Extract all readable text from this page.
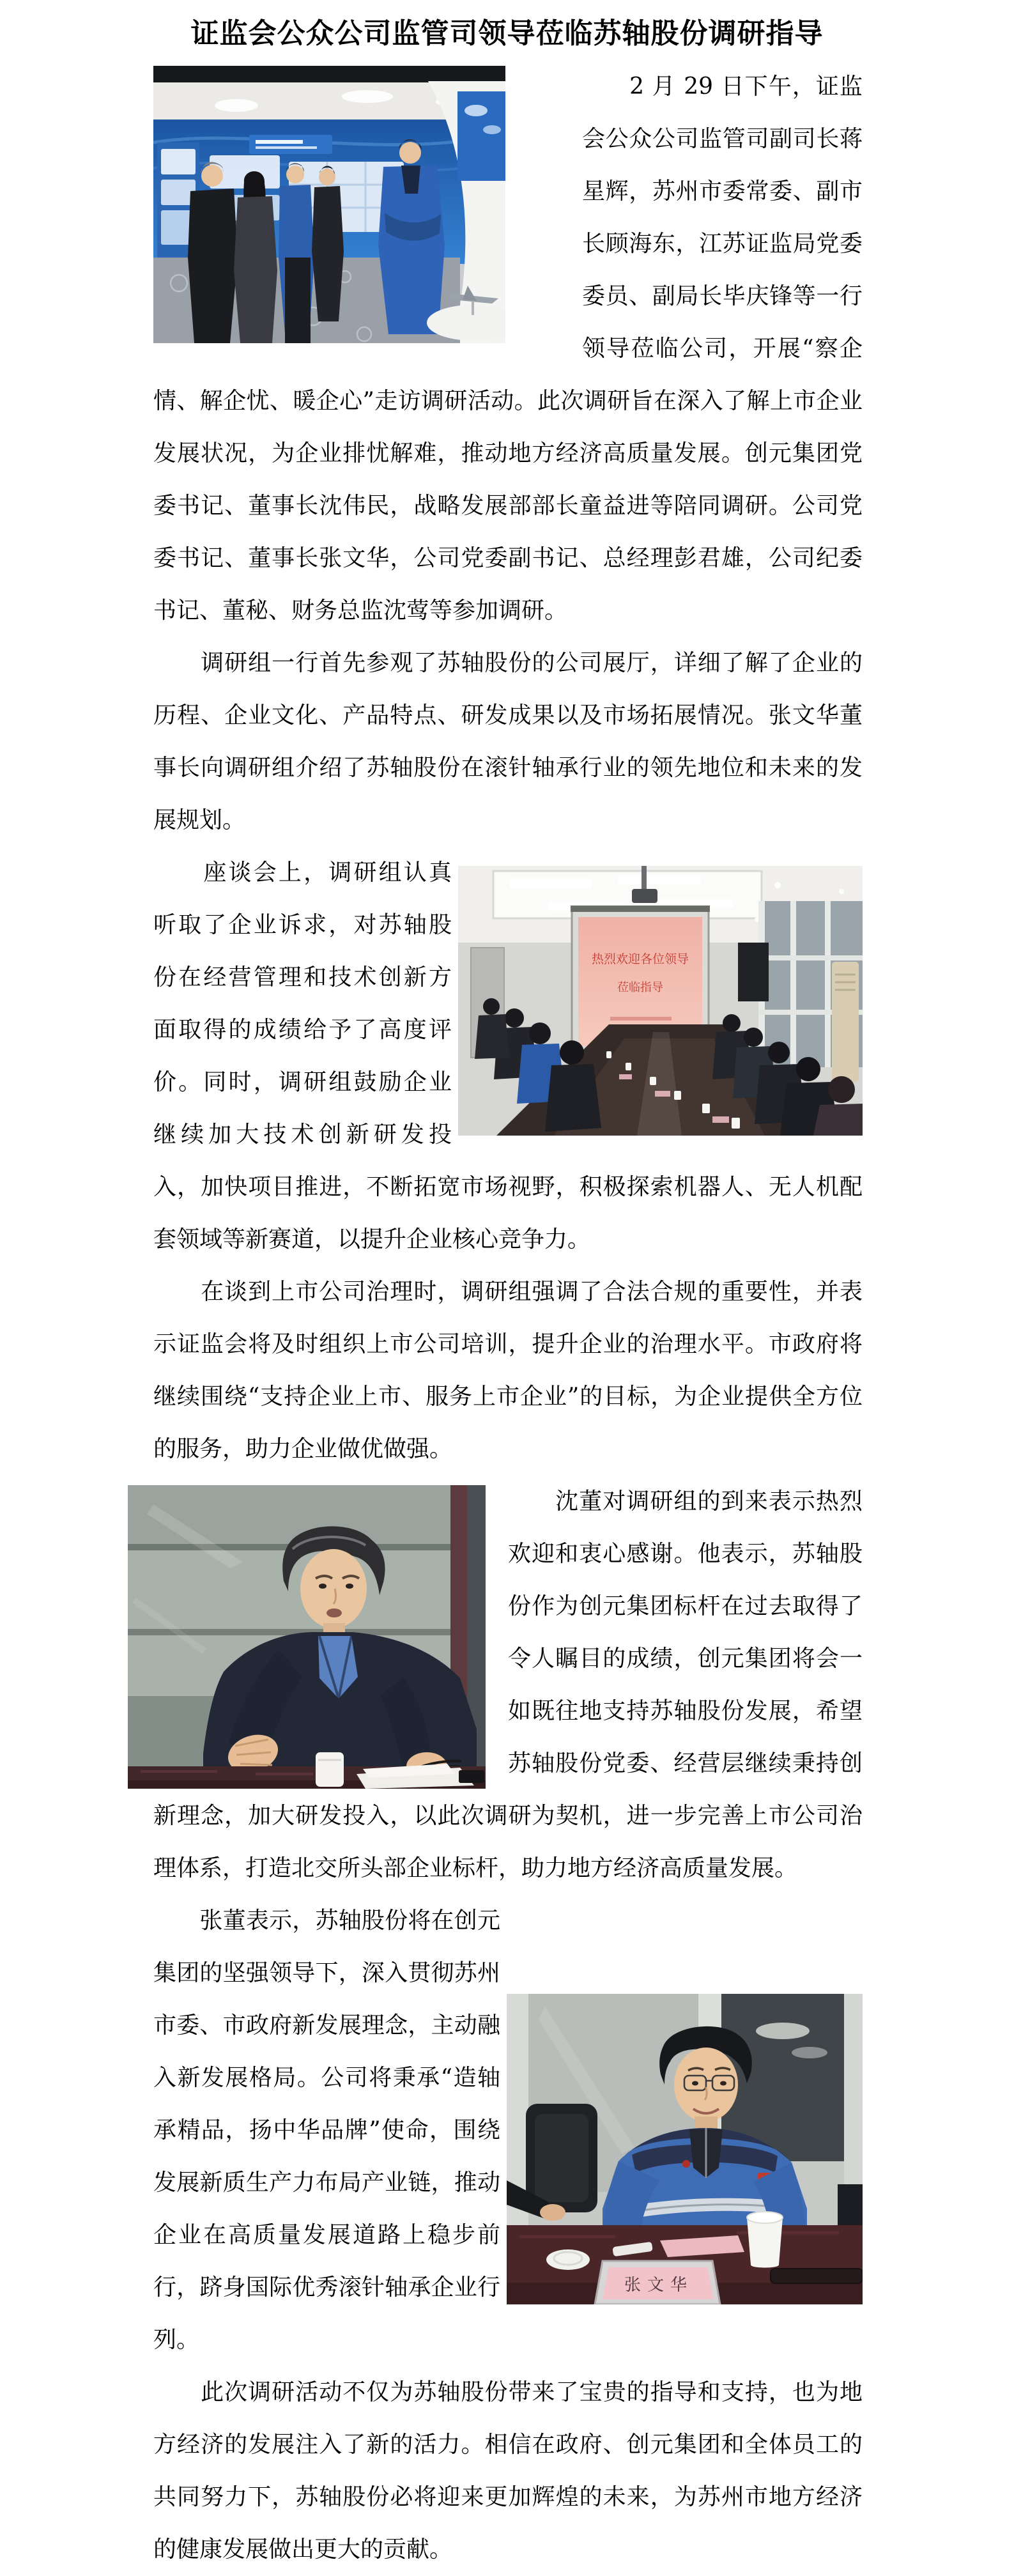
证监会公众公司监管司领导莅临苏轴股份调研指导

　　2 月 29 日下午，证监会公众公司监管司副司长蒋星辉，苏州市委常委、副市长顾海东，江苏证监局党委委员、副局长毕庆锋等一行领导莅临公司，开展“察企情、解企忧、暖企心”走访调研活动。此次调研旨在深入了解上市企业发展状况，为企业排忧解难，推动地方经济高质量发展。创元集团党委书记、董事长沈伟民，战略发展部部长童益进等陪同调研。公司党委书记、董事长张文华，公司党委副书记、总经理彭君雄，公司纪委书记、董秘、财务总监沈莺等参加调研。

　　调研组一行首先参观了苏轴股份的公司展厅，详细了解了企业的历程、企业文化、产品特点、研发成果以及市场拓展情况。张文华董事长向调研组介绍了苏轴股份在滚针轴承行业的领先地位和未来的发展规划。

热烈欢迎各位领导
莅临指导
　　座谈会上，调研组认真听取了企业诉求，对苏轴股份在经营管理和技术创新方面取得的成绩给予了高度评价。同时，调研组鼓励企业继续加大技术创新研发投入，加快项目推进，不断拓宽市场视野，积极探索机器人、无人机配套领域等新赛道，以提升企业核心竞争力。

　　在谈到上市公司治理时，调研组强调了合法合规的重要性，并表示证监会将及时组织上市公司培训，提升企业的治理水平。市政府将继续围绕“支持企业上市、服务上市企业”的目标，为企业提供全方位的服务，助力企业做优做强。

　　沈董对调研组的到来表示热烈欢迎和衷心感谢。他表示，苏轴股份作为创元集团标杆在过去取得了令人瞩目的成绩，创元集团将会一如既往地支持苏轴股份发展，希望苏轴股份党委、经营层继续秉持创新理念，加大研发投入，以此次调研为契机，进一步完善上市公司治理体系，打造北交所头部企业标杆，助力地方经济高质量发展。

张文华
　　张董表示，苏轴股份将在创元集团的坚强领导下，深入贯彻苏州市委、市政府新发展理念，主动融入新发展格局。公司将秉承“造轴承精品，扬中华品牌”使命，围绕发展新质生产力布局产业链，推动企业在高质量发展道路上稳步前行，跻身国际优秀滚针轴承企业行列。

　　此次调研活动不仅为苏轴股份带来了宝贵的指导和支持，也为地方经济的发展注入了新的活力。相信在政府、创元集团和全体员工的共同努力下，苏轴股份必将迎来更加辉煌的未来，为苏州市地方经济的健康发展做出更大的贡献。
